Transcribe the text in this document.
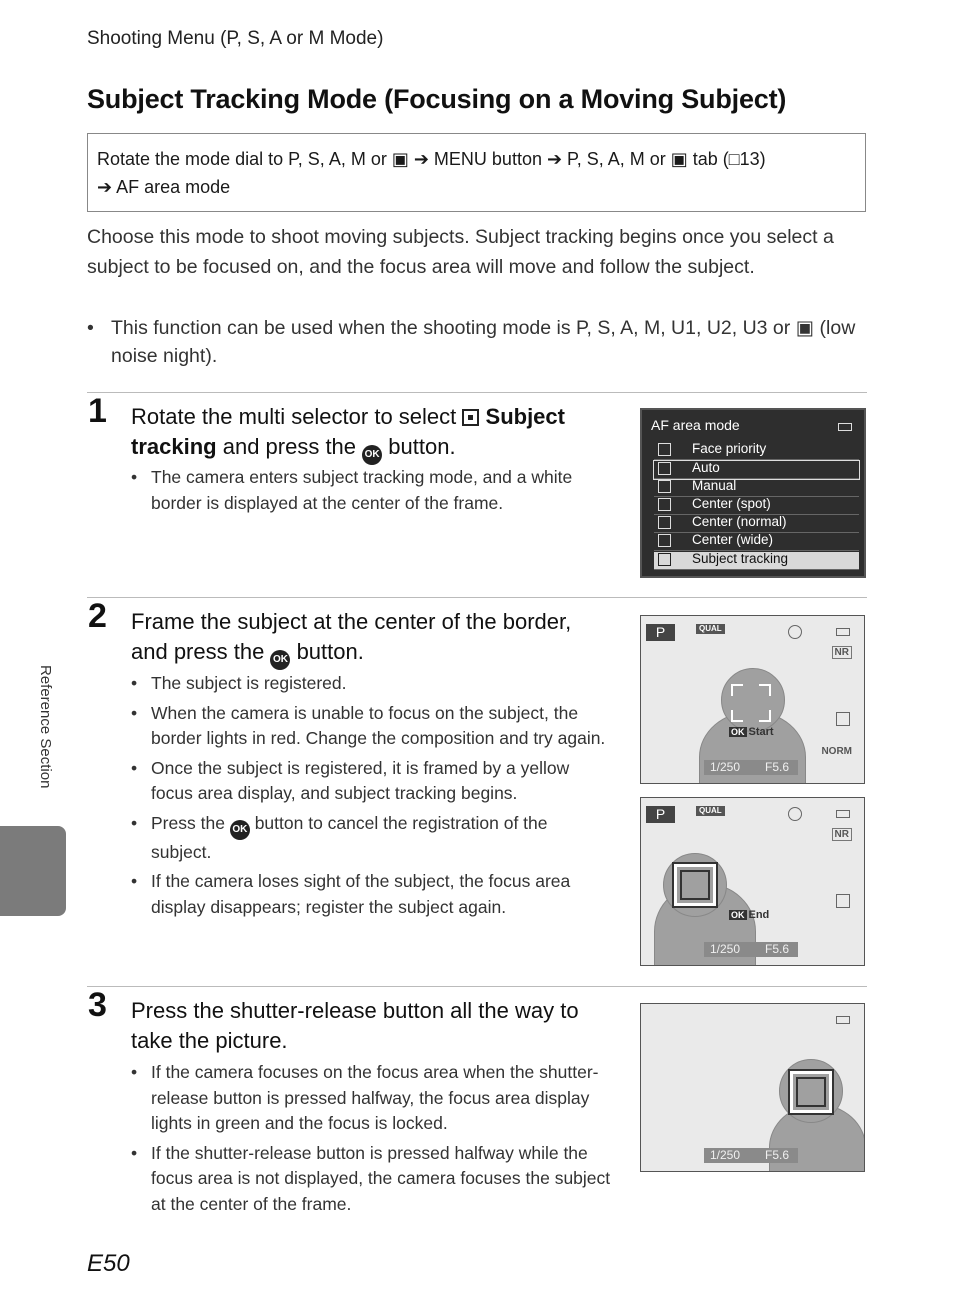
Shooting Menu (P, S, A or M Mode)
Subject Tracking Mode (Focusing on a Moving Subject)
Rotate the mode dial to P, S, A, M or ▣ ➔ MENU button ➔ P, S, A, M or ▣ tab (□13)
➔ AF area mode
Choose this mode to shoot moving subjects. Subject tracking begins once you select a subject to be focused on, and the focus area will move and follow the subject.
• This function can be used when the shooting mode is P, S, A, M, U1, U2, U3 or ▣ (low noise night).
1 Rotate the multi selector to select Subject tracking and press the OK button.
• The camera enters subject tracking mode, and a white border is displayed at the center of the frame.
AF area mode
Face priority
Auto
Manual
Center (spot)
Center (normal)
Center (wide)
Subject tracking
2 Frame the subject at the center of the border, and press the OK button.
• The subject is registered.
• When the camera is unable to focus on the subject, the border lights in red. Change the composition and try again.
• Once the subject is registered, it is framed by a yellow focus area display, and subject tracking begins.
• Press the OK button to cancel the registration of the subject.
• If the camera loses sight of the subject, the focus area display disappears; register the subject again.
P	QUAL
NR
NORM
OK Start
1/250 F5.6
P	QUAL
NR
OK End
1/250 F5.6
3 Press the shutter-release button all the way to take the picture.
• If the camera focuses on the focus area when the shutter-release button is pressed halfway, the focus area display lights in green and the focus is locked.
• If the shutter-release button is pressed halfway while the focus area is not displayed, the camera focuses the subject at the center of the frame.
1/250 F5.6
Reference Section
E50
